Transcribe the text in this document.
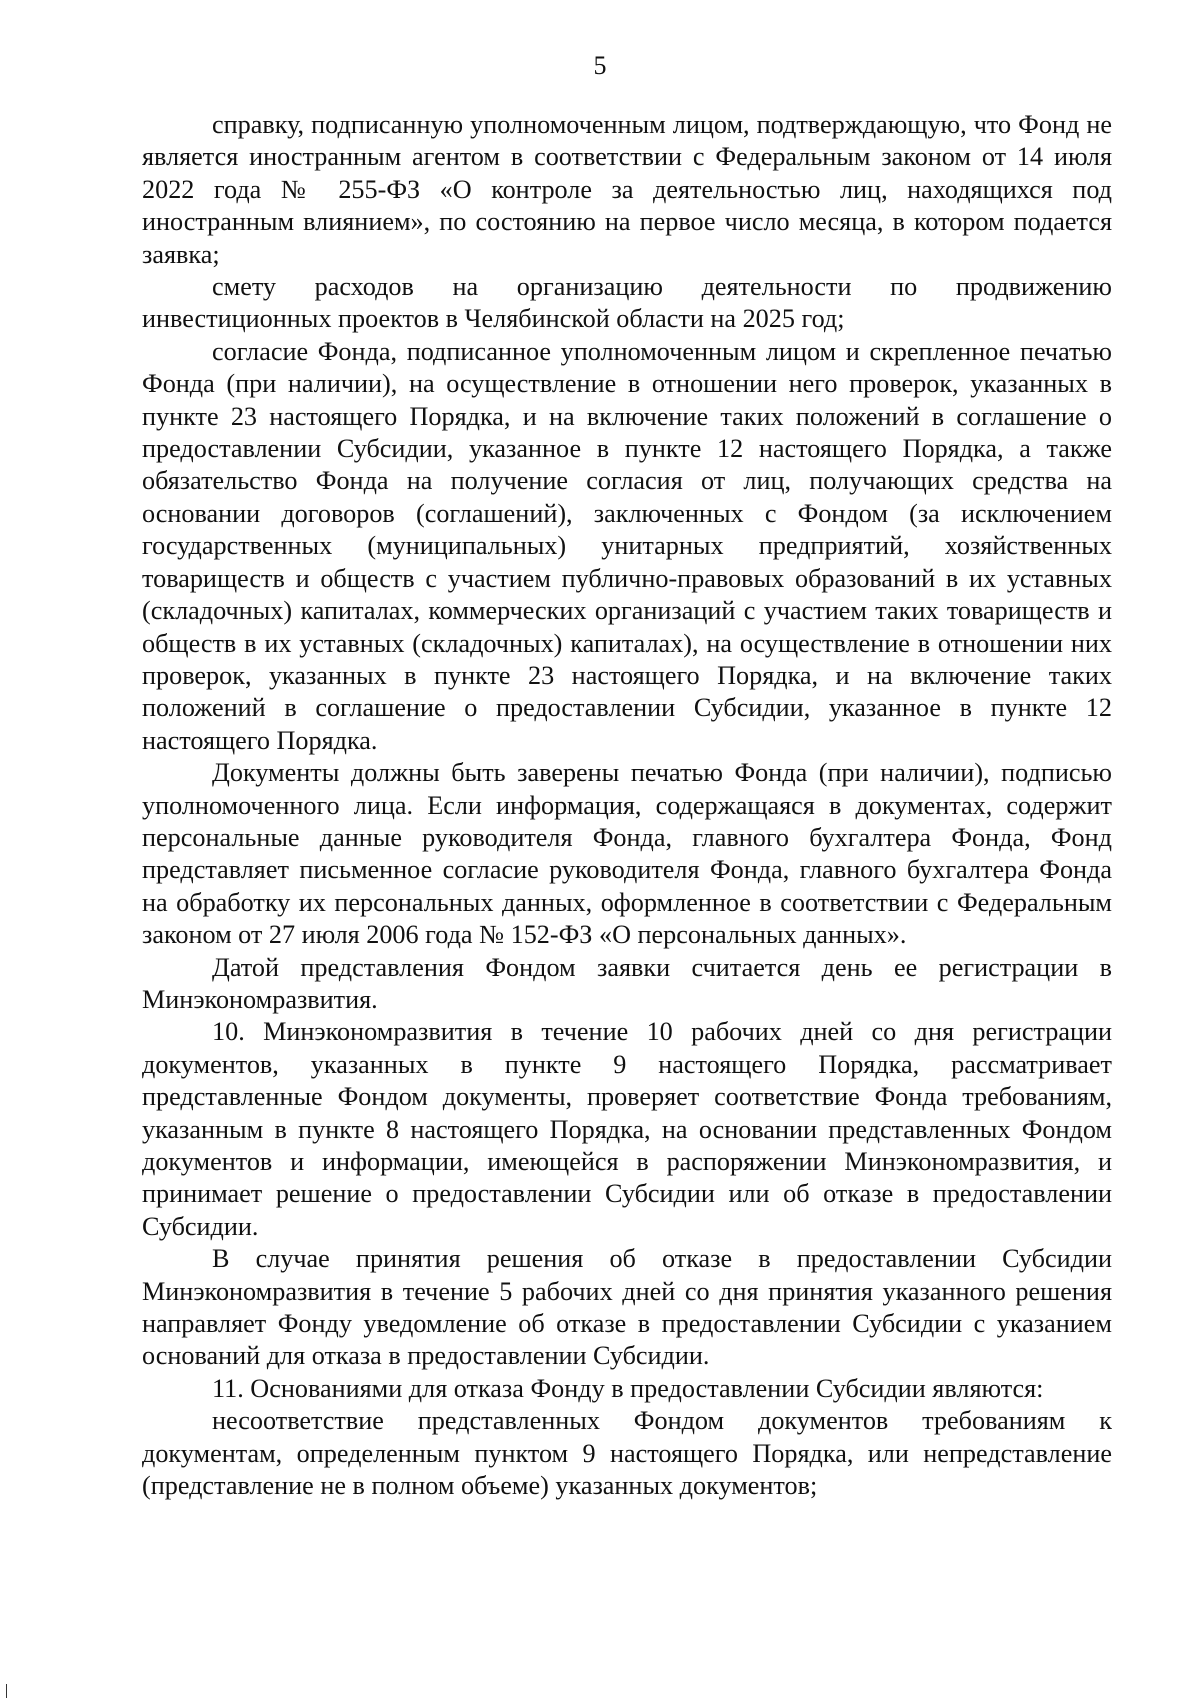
5

справку, подписанную уполномоченным лицом, подтверждающую, что Фонд не является иностранным агентом в соответствии с Федеральным законом от 14 июля 2022 года № 255-ФЗ «О контроле за деятельностью лиц, находящихся под иностранным влиянием», по состоянию на первое число месяца, в котором подается заявка;

смету расходов на организацию деятельности по продвижению инвестиционных проектов в Челябинской области на 2025 год;

согласие Фонда, подписанное уполномоченным лицом и скрепленное печатью Фонда (при наличии), на осуществление в отношении него проверок, указанных в пункте 23 настоящего Порядка, и на включение таких положений в соглашение о предоставлении Субсидии, указанное в пункте 12 настоящего Порядка, а также обязательство Фонда на получение согласия от лиц, получающих средства на основании договоров (соглашений), заключенных с Фондом (за исключением государственных (муниципальных) унитарных предприятий, хозяйственных товариществ и обществ с участием публично-правовых образований в их уставных (складочных) капиталах, коммерческих организаций с участием таких товариществ и обществ в их уставных (складочных) капиталах), на осуществление в отношении них проверок, указанных в пункте 23 настоящего Порядка, и на включение таких положений в соглашение о предоставлении Субсидии, указанное в пункте 12 настоящего Порядка.

Документы должны быть заверены печатью Фонда (при наличии), подписью уполномоченного лица. Если информация, содержащаяся в документах, содержит персональные данные руководителя Фонда, главного бухгалтера Фонда, Фонд представляет письменное согласие руководителя Фонда, главного бухгалтера Фонда на обработку их персональных данных, оформленное в соответствии с Федеральным законом от 27 июля 2006 года № 152-ФЗ «О персональных данных».

Датой представления Фондом заявки считается день ее регистрации в Минэкономразвития.

10. Минэкономразвития в течение 10 рабочих дней со дня регистрации документов, указанных в пункте 9 настоящего Порядка, рассматривает представленные Фондом документы, проверяет соответствие Фонда требованиям, указанным в пункте 8 настоящего Порядка, на основании представленных Фондом документов и информации, имеющейся в распоряжении Минэкономразвития, и принимает решение о предоставлении Субсидии или об отказе в предоставлении Субсидии.

В случае принятия решения об отказе в предоставлении Субсидии Минэкономразвития в течение 5 рабочих дней со дня принятия указанного решения направляет Фонду уведомление об отказе в предоставлении Субсидии с указанием оснований для отказа в предоставлении Субсидии.

11. Основаниями для отказа Фонду в предоставлении Субсидии являются:

несоответствие представленных Фондом документов требованиям к документам, определенным пунктом 9 настоящего Порядка, или непредставление (представление не в полном объеме) указанных документов;
